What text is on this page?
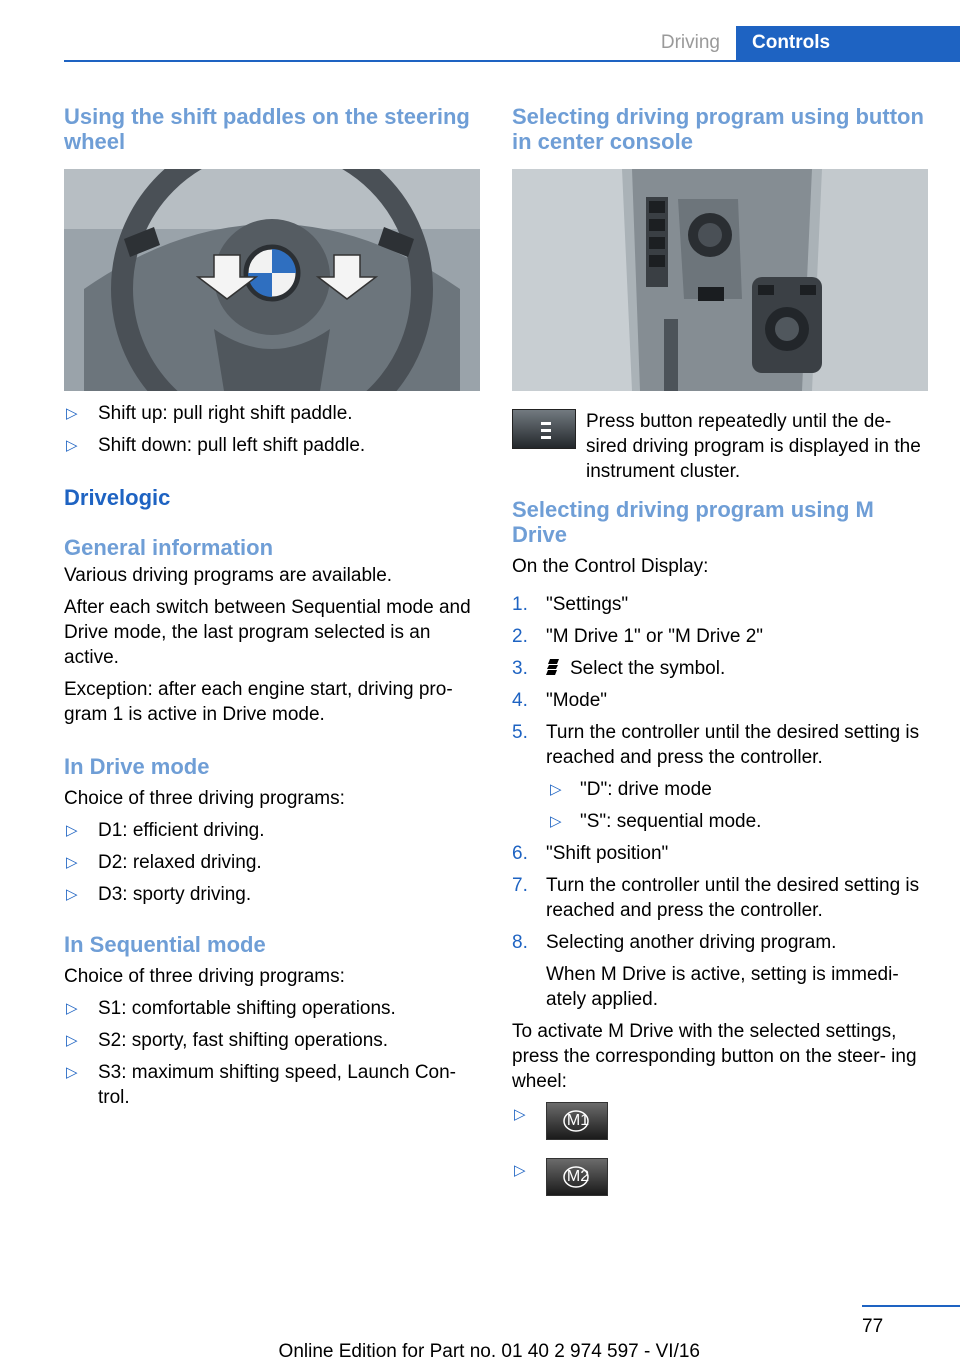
Driving	Controls
Using the shift paddles on the steering wheel
▷ Shift up: pull right shift paddle.
▷ Shift down: pull left shift paddle.
Drivelogic
General information
Various driving programs are available.
After each switch between Sequential mode and Drive mode, the last program selected is an active.
Exception: after each engine start, driving pro‐ gram 1 is active in Drive mode.
In Drive mode
Choice of three driving programs:
▷ D1: efficient driving.
▷ D2: relaxed driving.
▷ D3: sporty driving.
In Sequential mode
Choice of three driving programs:
▷ S1: comfortable shifting operations.
▷ S2: sporty, fast shifting operations.
▷ S3: maximum shifting speed, Launch Con‐ trol.
Selecting driving program using button in center console
Press button repeatedly until the de‐ sired driving program is displayed in the instrument cluster.
Selecting driving program using M Drive
On the Control Display:
1. "Settings"
2. "M Drive 1" or "M Drive 2"
3. Select the symbol.
4. "Mode"
5. Turn the controller until the desired setting is reached and press the controller.
▷ "D": drive mode
▷ "S": sequential mode.
6. "Shift position"
7. Turn the controller until the desired setting is reached and press the controller.
8. Selecting another driving program.
When M Drive is active, setting is immedi‐ ately applied.
To activate M Drive with the selected settings, press the corresponding button on the steer‐ ing wheel:
▷	M1
▷	M2
77
Online Edition for Part no. 01 40 2 974 597 - VI/16
